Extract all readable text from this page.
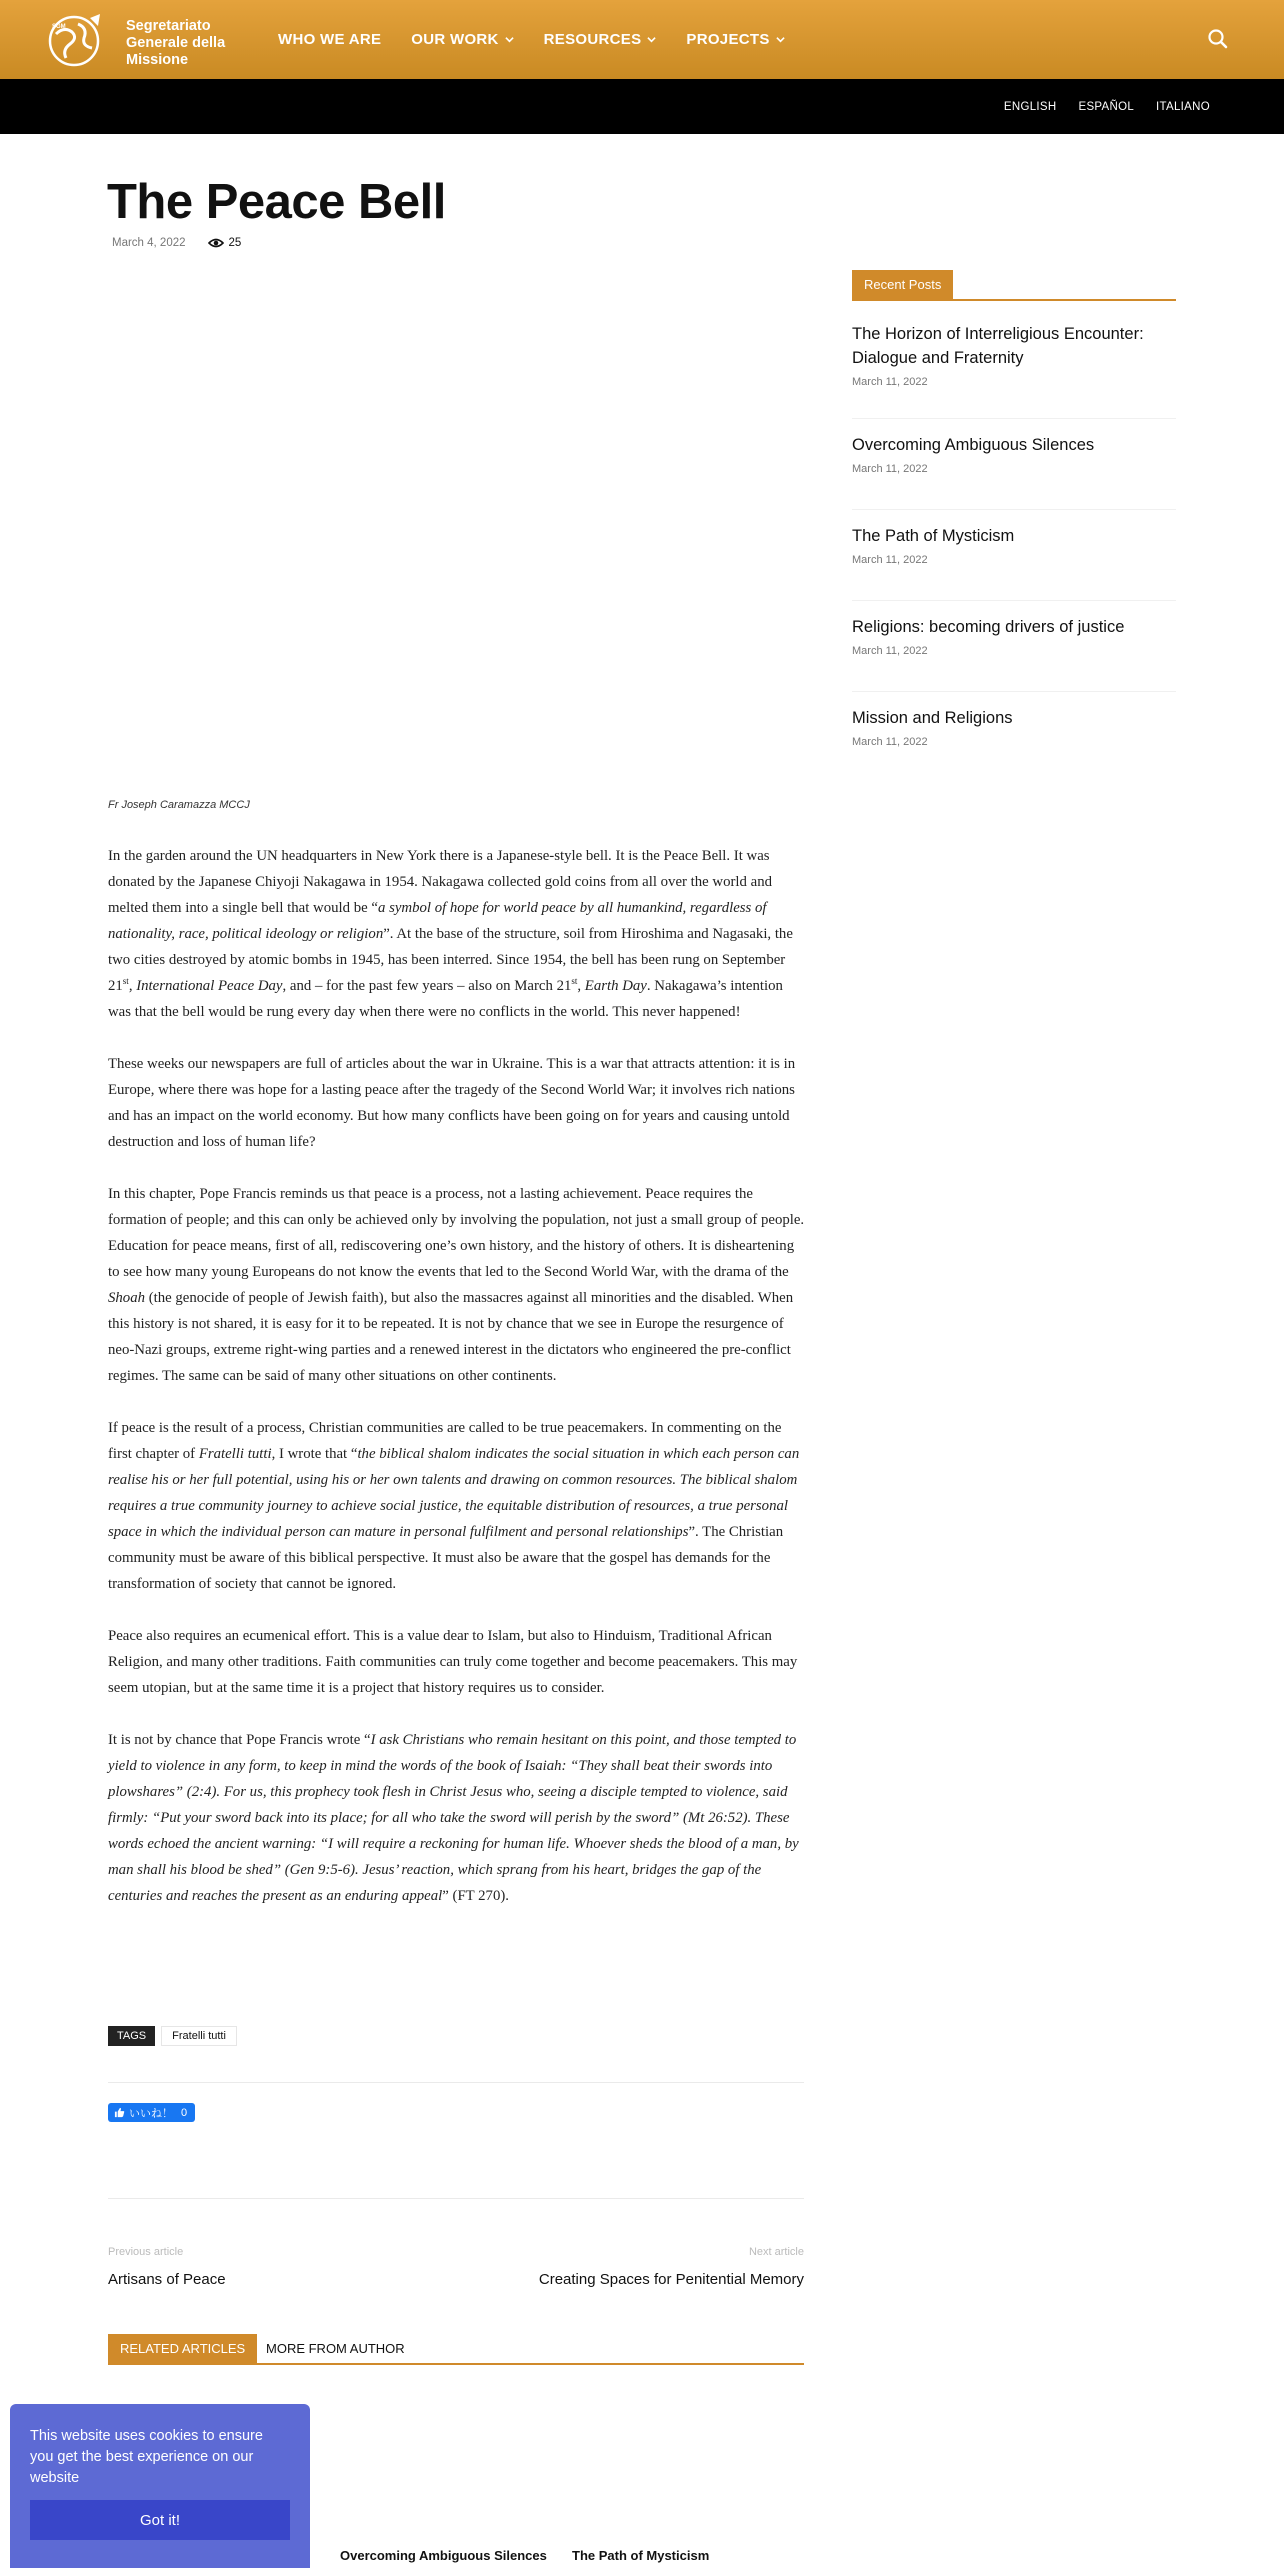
SGM	Segretariato
Generale della
Missione
WHO WE ARE OUR WORK	RESOURCES	PROJECTS
ENGLISH ESPAÑOL ITALIANO
The Peace Bell
March 4, 2022	25
Fr Joseph Caramazza MCCJ

In the garden around the UN headquarters in New York there is a Japanese-style bell. It is the Peace Bell. It was donated by the Japanese Chiyoji Nakagawa in 1954. Nakagawa collected gold coins from all over the world and melted them into a single bell that would be “a symbol of hope for world peace by all humankind, regardless of nationality, race, political ideology or religion”. At the base of the structure, soil from Hiroshima and Nagasaki, the two cities destroyed by atomic bombs in 1945, has been interred. Since 1954, the bell has been rung on September 21st, International Peace Day, and – for the past few years – also on March 21st, Earth Day. Nakagawa’s intention was that the bell would be rung every day when there were no conflicts in the world. This never happened!

These weeks our newspapers are full of articles about the war in Ukraine. This is a war that attracts attention: it is in Europe, where there was hope for a lasting peace after the tragedy of the Second World War; it involves rich nations and has an impact on the world economy. But how many conflicts have been going on for years and causing untold destruction and loss of human life?

In this chapter, Pope Francis reminds us that peace is a process, not a lasting achievement. Peace requires the formation of people; and this can only be achieved only by involving the population, not just a small group of people. Education for peace means, first of all, rediscovering one’s own history, and the history of others. It is disheartening to see how many young Europeans do not know the events that led to the Second World War, with the drama of the Shoah (the genocide of people of Jewish faith), but also the massacres against all minorities and the disabled. When this history is not shared, it is easy for it to be repeated. It is not by chance that we see in Europe the resurgence of neo-Nazi groups, extreme right-wing parties and a renewed interest in the dictators who engineered the pre-conflict regimes. The same can be said of many other situations on other continents.

If peace is the result of a process, Christian communities are called to be true peacemakers. In commenting on the first chapter of Fratelli tutti, I wrote that “the biblical shalom indicates the social situation in which each person can realise his or her full potential, using his or her own talents and drawing on common resources. The biblical shalom requires a true community journey to achieve social justice, the equitable distribution of resources, a true personal space in which the individual person can mature in personal fulfilment and personal relationships”. The Christian community must be aware of this biblical perspective. It must also be aware that the gospel has demands for the transformation of society that cannot be ignored.

Peace also requires an ecumenical effort. This is a value dear to Islam, but also to Hinduism, Traditional African Religion, and many other traditions. Faith communities can truly come together and become peacemakers. This may seem utopian, but at the same time it is a project that history requires us to consider.

It is not by chance that Pope Francis wrote “I ask Christians who remain hesitant on this point, and those tempted to yield to violence in any form, to keep in mind the words of the book of Isaiah: “They shall beat their swords into plowshares” (2:4). For us, this prophecy took flesh in Christ Jesus who, seeing a disciple tempted to violence, said firmly: “Put your sword back into its place; for all who take the sword will perish by the sword” (Mt 26:52). These words echoed the ancient warning: “I will require a reckoning for human life. Whoever sheds the blood of a man, by man shall his blood be shed” (Gen 9:5-6). Jesus’ reaction, which sprang from his heart, bridges the gap of the centuries and reaches the present as an enduring appeal” (FT 270).

TAGS	Fratelli tutti
いいね！ 0
Previous article	Next article
Artisans of Peace	Creating Spaces for Penitential Memory
RELATED ARTICLES	MORE FROM AUTHOR
Overcoming Ambiguous Silences	The Path of Mysticism
Recent Posts
The Horizon of Interreligious Encounter: Dialogue and Fraternity
March 11, 2022
Overcoming Ambiguous Silences
March 11, 2022
The Path of Mysticism
March 11, 2022
Religions: becoming drivers of justice
March 11, 2022
Mission and Religions
March 11, 2022
This website uses cookies to ensure you get the best experience on our website
Got it!
